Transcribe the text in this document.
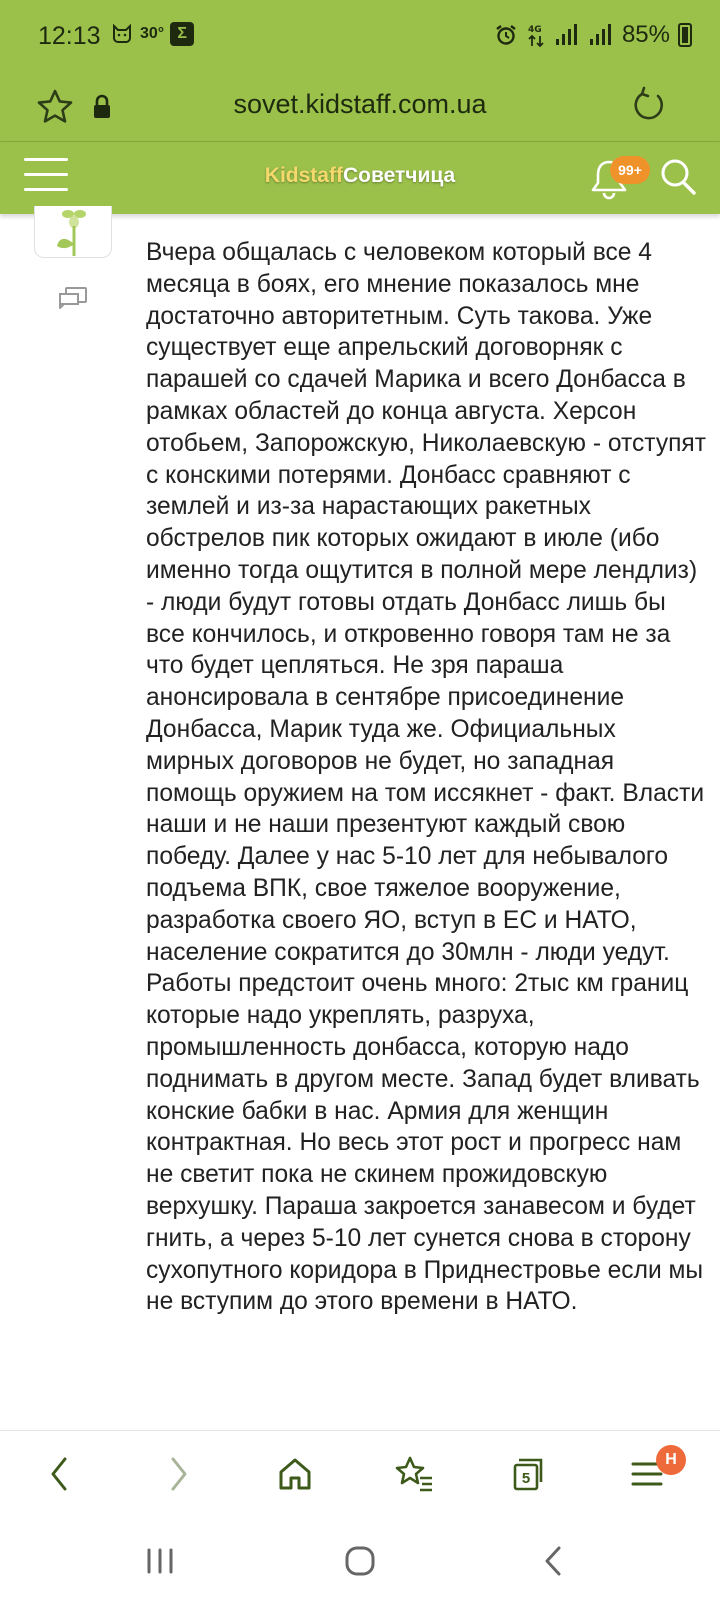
12:13 30° Σ	4G	85%
sovet.kidstaff.com.ua
KidstaffСоветчица	99+
Вчера общалась с человеком который все 4 месяца в боях, его мнение показалось мне достаточно авторитетным. Суть такова. Уже существует еще апрельский договорняк с парашей со сдачей Марика и всего Донбасса в рамках областей до конца августа. Херсон отобьем, Запорожскую, Николаевскую - отступят с конскими потерями. Донбасс сравняют с землей и из-за нарастающих ракетных обстрелов пик которых ожидают в июле (ибо именно тогда ощутится в полной мере лендлиз) - люди будут готовы отдать Донбасс лишь бы все кончилось, и откровенно говоря там не за что будет цепляться. Не зря параша анонсировала в сентябре присоединение Донбасса, Марик туда же. Официальных мирных договоров не будет, но западная помощь оружием на том иссякнет - факт. Власти наши и не наши презентуют каждый свою победу. Далее у нас 5-10 лет для небывалого подъема ВПК, свое тяжелое вооружение, разработка своего ЯО, вступ в ЕС и НАТО, население сократится до 30млн - люди уедут. Работы предстоит очень много: 2тыс км границ которые надо укреплять, разруха, промышленность донбасса, которую надо поднимать в другом месте. Запад будет вливать конские бабки в нас. Армия для женщин контрактная. Но весь этот рост и прогресс нам не светит пока не скинем прожидовскую верхушку. Параша закроется занавесом и будет гнить, а через 5-10 лет сунется снова в сторону сухопутного коридора в Приднестровье если мы не вступим до этого времени в НАТО.
5
H
